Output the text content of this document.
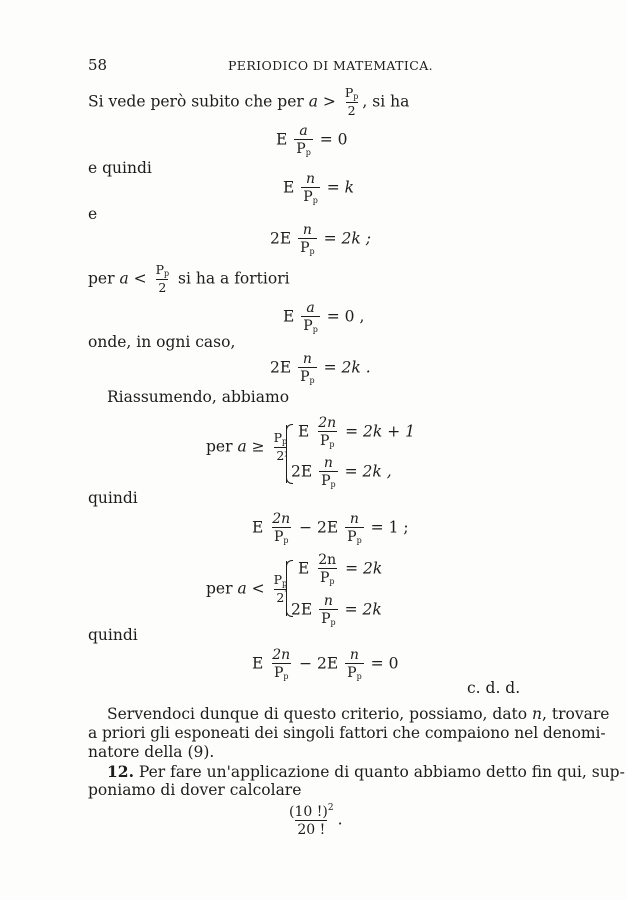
58	PERIODICO DI MATEMATICA.
Si vede però subito che per $a > \frac{P_p}{2}$ , si ha
E $\frac{a}{P_p} = 0$
e quindi
E $\frac{n}{P_p} = k$
e
$2E \frac{n}{P_p} = 2k$ ;
per $a < \frac{P_p}{2}$ si ha a fortiori
E $\frac{a}{P_p} = 0$ ,
onde, in ogni caso,
$2E \frac{n}{P_p} = 2k$ .
Riassumendo, abbiamo
per $a \ge \frac{P_p}{2}$
E $\frac{2n}{P_p} = 2k + 1$
$2E \frac{n}{P_p} = 2k$ ,
quindi
E $\frac{2n}{P_p} - 2E \frac{n}{P_p} = 1$ ;
per $a < \frac{P_p}{2}$
E $\frac{2n}{P_p} = 2k$
$2E \frac{n}{P_p} = 2k$
quindi
E $\frac{2n}{P_p} - 2E \frac{n}{P_p} = 0$
c. d. d.
Servendoci dunque di questo criterio, possiamo, dato n, trovare
a priori gli esponeati dei singoli fattori che compaiono nel denomi-
natore della (9).
12. Per fare un'applicazione di quanto abbiamo detto fin qui, sup-
poniamo di dover calcolare
$\frac{(10 !)^2}{20 !}$ .
